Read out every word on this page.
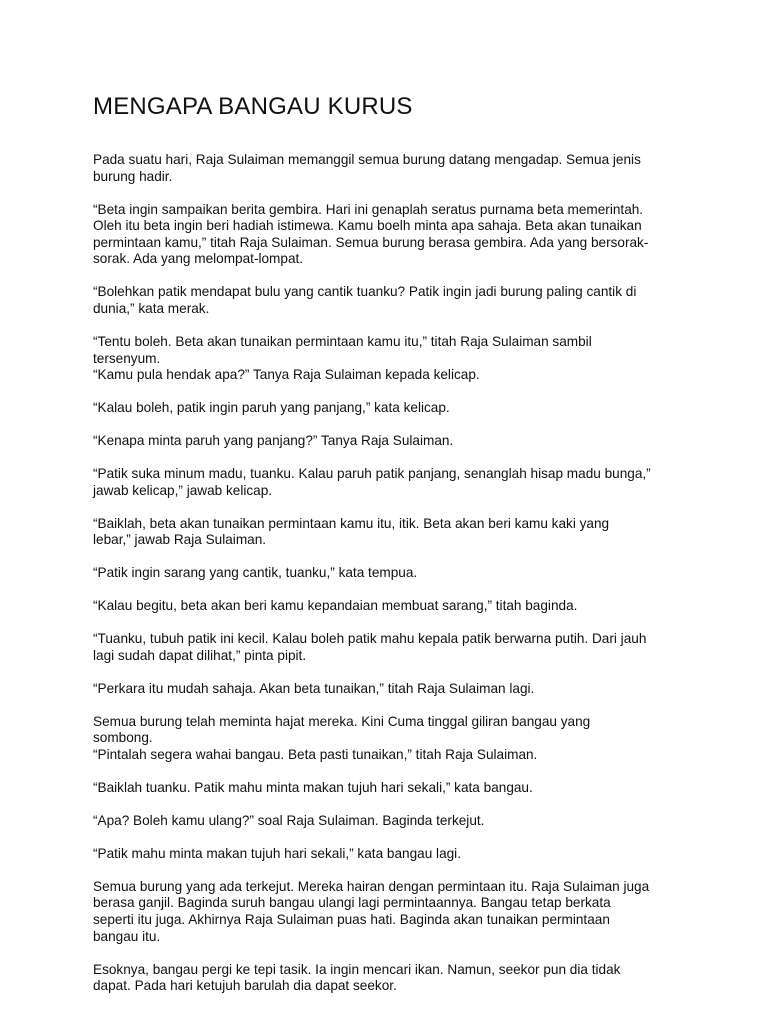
MENGAPA BANGAU KURUS

Pada suatu hari, Raja Sulaiman memanggil semua burung datang mengadap. Semua jenis
burung hadir.

“Beta ingin sampaikan berita gembira. Hari ini genaplah seratus purnama beta memerintah.
Oleh itu beta ingin beri hadiah istimewa. Kamu boelh minta apa sahaja. Beta akan tunaikan
permintaan kamu,” titah Raja Sulaiman. Semua burung berasa gembira. Ada yang bersorak-
sorak. Ada yang melompat-lompat.

“Bolehkan patik mendapat bulu yang cantik tuanku? Patik ingin jadi burung paling cantik di
dunia,” kata merak.

“Tentu boleh. Beta akan tunaikan permintaan kamu itu,” titah Raja Sulaiman sambil
tersenyum.
“Kamu pula hendak apa?” Tanya Raja Sulaiman kepada kelicap.

“Kalau boleh, patik ingin paruh yang panjang,” kata kelicap.

“Kenapa minta paruh yang panjang?” Tanya Raja Sulaiman.

“Patik suka minum madu, tuanku. Kalau paruh patik panjang, senanglah hisap madu bunga,”
jawab kelicap,” jawab kelicap.

“Baiklah, beta akan tunaikan permintaan kamu itu, itik. Beta akan beri kamu kaki yang
lebar,” jawab Raja Sulaiman.

“Patik ingin sarang yang cantik, tuanku,” kata tempua.

“Kalau begitu, beta akan beri kamu kepandaian membuat sarang,” titah baginda.

“Tuanku, tubuh patik ini kecil. Kalau boleh patik mahu kepala patik berwarna putih. Dari jauh
lagi sudah dapat dilihat,” pinta pipit.

“Perkara itu mudah sahaja. Akan beta tunaikan,” titah Raja Sulaiman lagi.

Semua burung telah meminta hajat mereka. Kini Cuma tinggal giliran bangau yang
sombong.
“Pintalah segera wahai bangau. Beta pasti tunaikan,” titah Raja Sulaiman.

“Baiklah tuanku. Patik mahu minta makan tujuh hari sekali,” kata bangau.

“Apa? Boleh kamu ulang?” soal Raja Sulaiman. Baginda terkejut.

“Patik mahu minta makan tujuh hari sekali,” kata bangau lagi.

Semua burung yang ada terkejut. Mereka hairan dengan permintaan itu. Raja Sulaiman juga
berasa ganjil. Baginda suruh bangau ulangi lagi permintaannya. Bangau tetap berkata
seperti itu juga. Akhirnya Raja Sulaiman puas hati. Baginda akan tunaikan permintaan
bangau itu.

Esoknya, bangau pergi ke tepi tasik. Ia ingin mencari ikan. Namun, seekor pun dia tidak
dapat. Pada hari ketujuh barulah dia dapat seekor.
